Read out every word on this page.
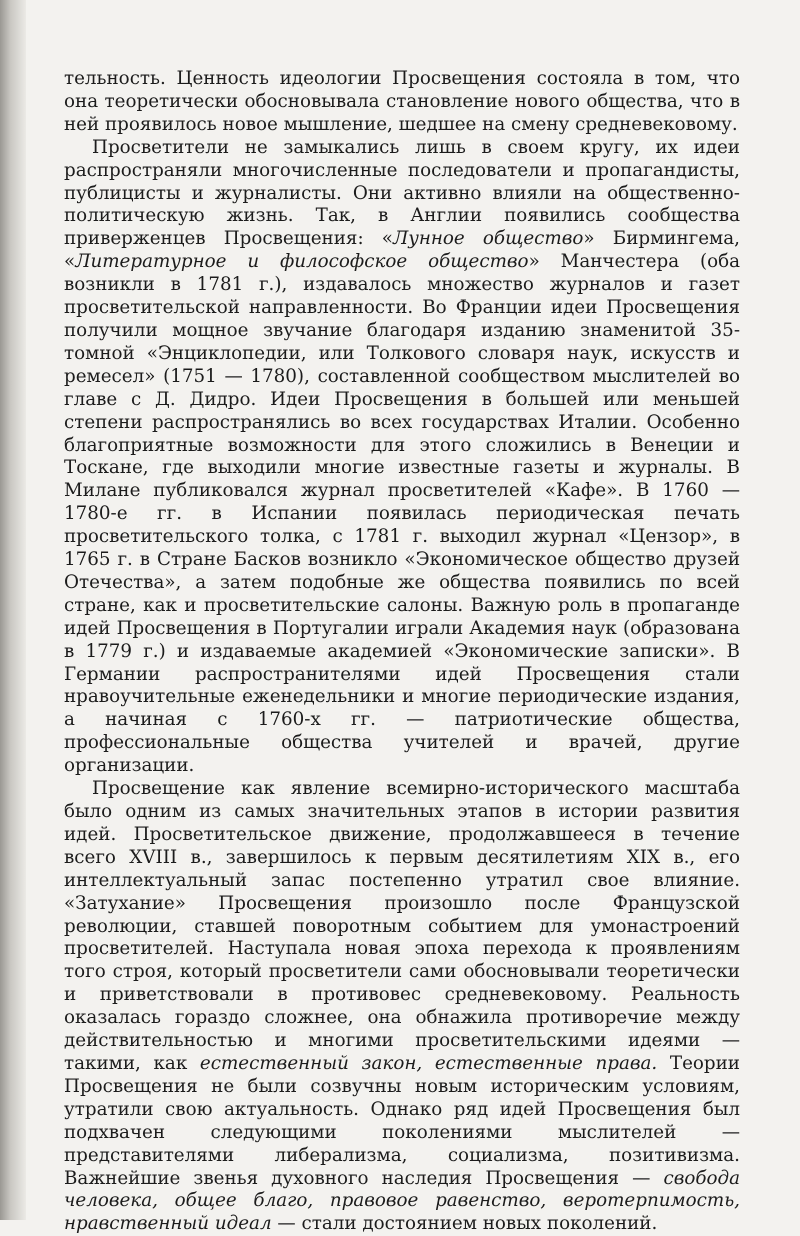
тельность. Ценность идеологии Просвещения состояла в том, что она теоретически обосновывала становление нового общества, что в ней проявилось новое мышление, шедшее на смену средневековому.

Просветители не замыкались лишь в своем кругу, их идеи распространяли многочисленные последователи и пропагандисты, публицисты и журналисты. Они активно влияли на общественно-политическую жизнь. Так, в Англии появились сообщества приверженцев Просвещения: «Лунное общество» Бирмингема, «Литературное и философское общество» Манчестера (оба возникли в 1781 г.), издавалось множество журналов и газет просветительской направленности. Во Франции идеи Просвещения получили мощное звучание благодаря изданию знаменитой 35-томной «Энциклопедии, или Толкового словаря наук, искусств и ремесел» (1751 — 1780), составленной сообществом мыслителей во главе с Д. Дидро. Идеи Просвещения в большей или меньшей степени распространялись во всех государствах Италии. Особенно благоприятные возможности для этого сложились в Венеции и Тоскане, где выходили многие известные газеты и журналы. В Милане публиковался журнал просветителей «Кафе». В 1760 — 1780-е гг. в Испании появилась периодическая печать просветительского толка, с 1781 г. выходил журнал «Цензор», в 1765 г. в Стране Басков возникло «Экономическое общество друзей Отечества», а затем подобные же общества появились по всей стране, как и просветительские салоны. Важную роль в пропаганде идей Просвещения в Португалии играли Академия наук (образована в 1779 г.) и издаваемые академией «Экономические записки». В Германии распространителями идей Просвещения стали нравоучительные еженедельники и многие периодические издания, а начиная с 1760-х гг. — патриотические общества, профессиональные общества учителей и врачей, другие организации.

Просвещение как явление всемирно-исторического масштаба было одним из самых значительных этапов в истории развития идей. Просветительское движение, продолжавшееся в течение всего XVIII в., завершилось к первым десятилетиям XIX в., его интеллектуальный запас постепенно утратил свое влияние. «Затухание» Просвещения произошло после Французской революции, ставшей поворотным событием для умонастроений просветителей. Наступала новая эпоха перехода к проявлениям того строя, который просветители сами обосновывали теоретически и приветствовали в противовес средневековому. Реальность оказалась гораздо сложнее, она обнажила противоречие между действительностью и многими просветительскими идеями — такими, как естественный закон, естественные права. Теории Просвещения не были созвучны новым историческим условиям, утратили свою актуальность. Однако ряд идей Просвещения был подхвачен следующими поколениями мыслителей — представителями либерализма, социализма, позитивизма. Важнейшие звенья духовного наследия Просвещения — свобода человека, общее благо, правовое равенство, веротерпимость, нравственный идеал — стали достоянием новых поколений.
